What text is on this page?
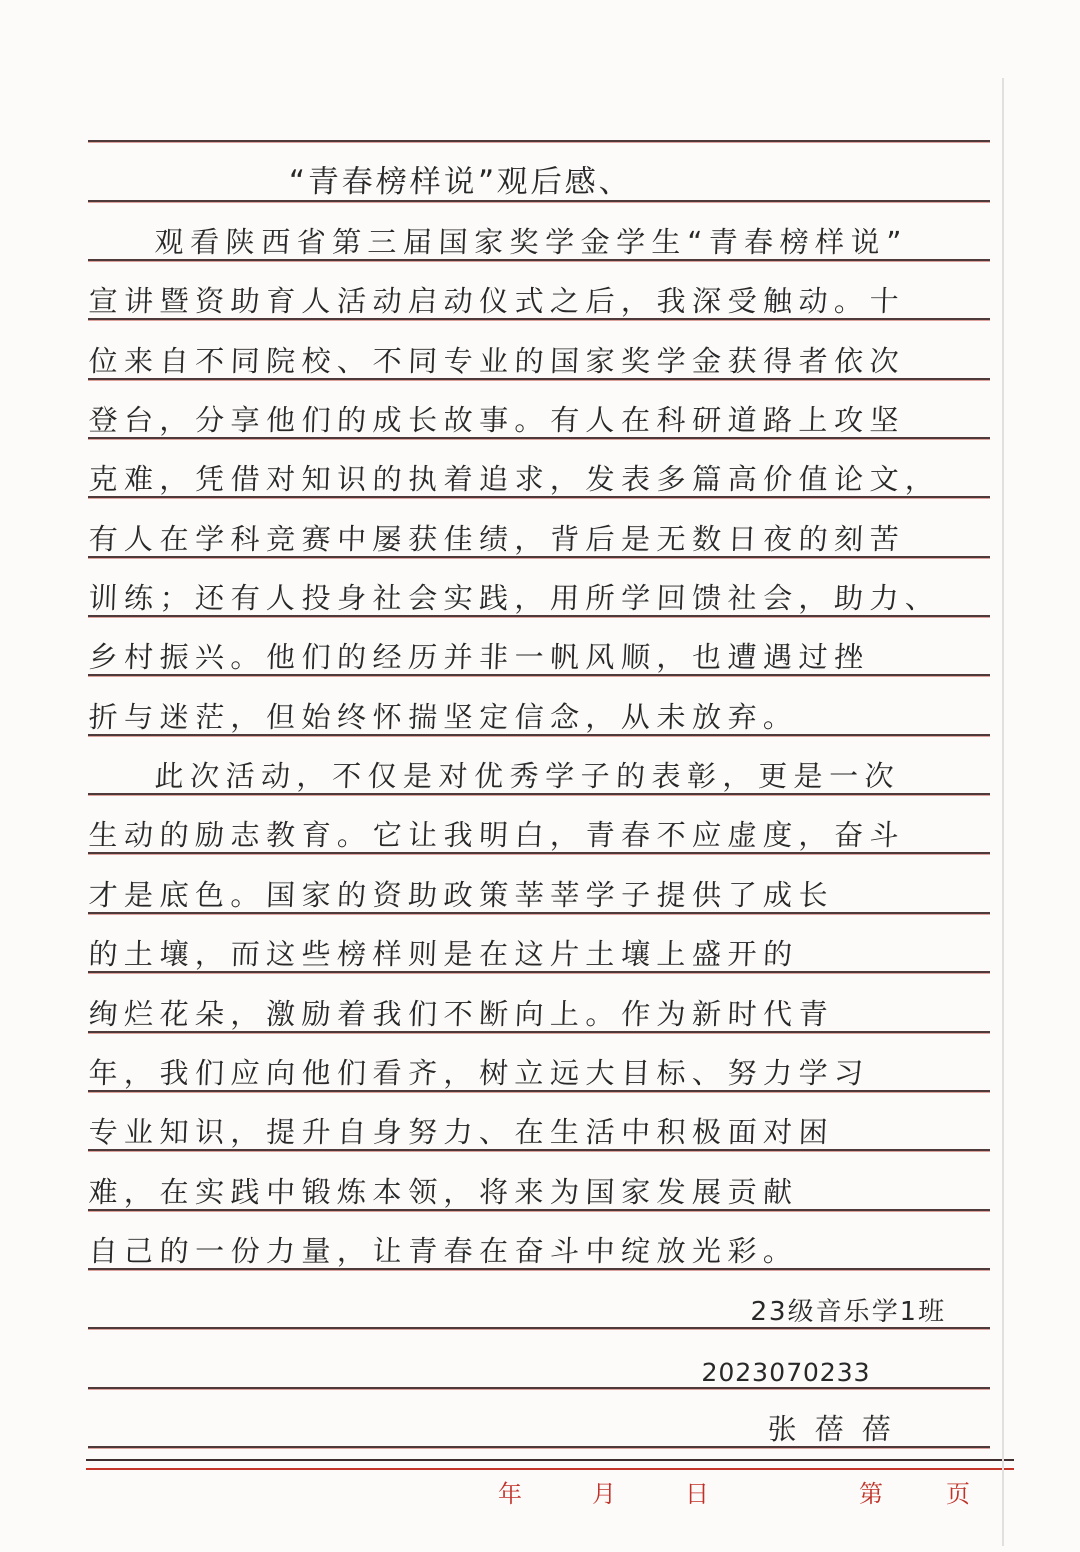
“青春榜样说”观后感、
观看陕西省第三届国家奖学金学生“青春榜样说”
宣讲暨资助育人活动启动仪式之后，我深受触动。十
位来自不同院校、不同专业的国家奖学金获得者依次
登台，分享他们的成长故事。有人在科研道路上攻坚
克难，凭借对知识的执着追求，发表多篇高价值论文，
有人在学科竞赛中屡获佳绩，背后是无数日夜的刻苦
训练；还有人投身社会实践，用所学回馈社会，助力、
乡村振兴。他们的经历并非一帆风顺，也遭遇过挫
折与迷茫，但始终怀揣坚定信念，从未放弃。
此次活动，不仅是对优秀学子的表彰，更是一次
生动的励志教育。它让我明白，青春不应虚度，奋斗
才是底色。国家的资助政策莘莘学子提供了成长
的土壤，而这些榜样则是在这片土壤上盛开的
绚烂花朵，激励着我们不断向上。作为新时代青
年，我们应向他们看齐，树立远大目标、努力学习
专业知识，提升自身努力、在生活中积极面对困
难，在实践中锻炼本领，将来为国家发展贡献
自己的一份力量，让青春在奋斗中绽放光彩。
23级音乐学1班
2023070233
张蓓蓓
年	月	日	第	页
